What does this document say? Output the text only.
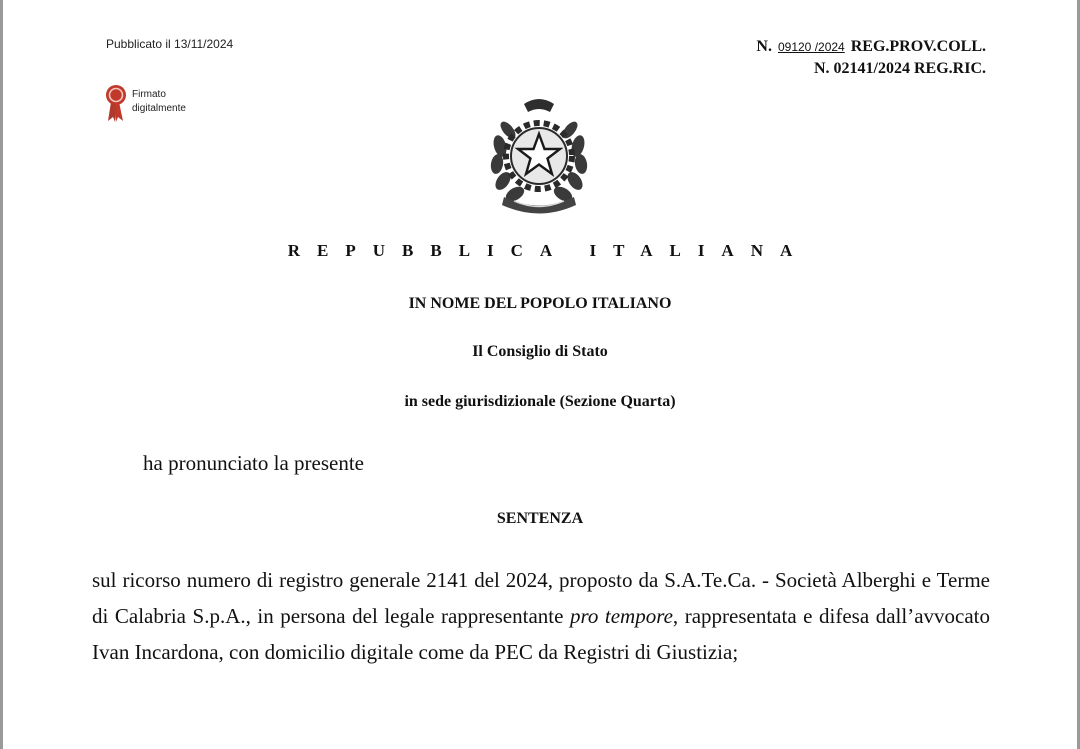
Pubblicato il 13/11/2024
Firmato
digitalmente
N. 09120 /2024 REG.PROV.COLL.
N. 02141/2024 REG.RIC.
REPUBBLICA ITALIANA
IN NOME DEL POPOLO ITALIANO
Il Consiglio di Stato
in sede giurisdizionale (Sezione Quarta)
ha pronunciato la presente
SENTENZA
sul ricorso numero di registro generale 2141 del 2024, proposto da S.A.Te.Ca. - Società Alberghi e Terme di Calabria S.p.A., in persona del legale rappresentante pro tempore, rappresentata e difesa dall’avvocato Ivan Incardona, con domicilio digitale come da PEC da Registri di Giustizia;
